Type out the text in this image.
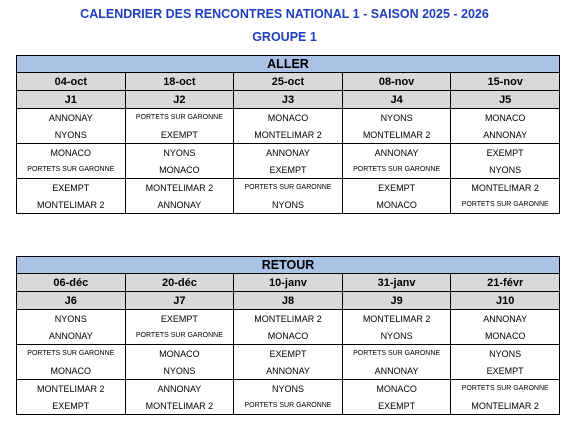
CALENDRIER DES RENCONTRES NATIONAL 1 - SAISON 2025 - 2026
GROUPE 1
ALLER				
04-oct	18-oct	25-oct	08-nov	15-nov
J1	J2	J3	J4	J5
ANNONAY	PORTETS SUR GARONNE	MONACO	NYONS	MONACO
NYONS	EXEMPT	MONTELIMAR 2	MONTELIMAR 2	ANNONAY
MONACO	NYONS	ANNONAY	ANNONAY	EXEMPT
PORTETS SUR GARONNE	MONACO	EXEMPT	PORTETS SUR GARONNE	NYONS
EXEMPT	MONTELIMAR 2	PORTETS SUR GARONNE	EXEMPT	MONTELIMAR 2
MONTELIMAR 2	ANNONAY	NYONS	MONACO	PORTETS SUR GARONNE
RETOUR				
06-déc	20-déc	10-janv	31-janv	21-févr
J6	J7	J8	J9	J10
NYONS	EXEMPT	MONTELIMAR 2	MONTELIMAR 2	ANNONAY
ANNONAY	PORTETS SUR GARONNE	MONACO	NYONS	MONACO
PORTETS SUR GARONNE	MONACO	EXEMPT	PORTETS SUR GARONNE	NYONS
MONACO	NYONS	ANNONAY	ANNONAY	EXEMPT
MONTELIMAR 2	ANNONAY	NYONS	MONACO	PORTETS SUR GARONNE
EXEMPT	MONTELIMAR 2	PORTETS SUR GARONNE	EXEMPT	MONTELIMAR 2
